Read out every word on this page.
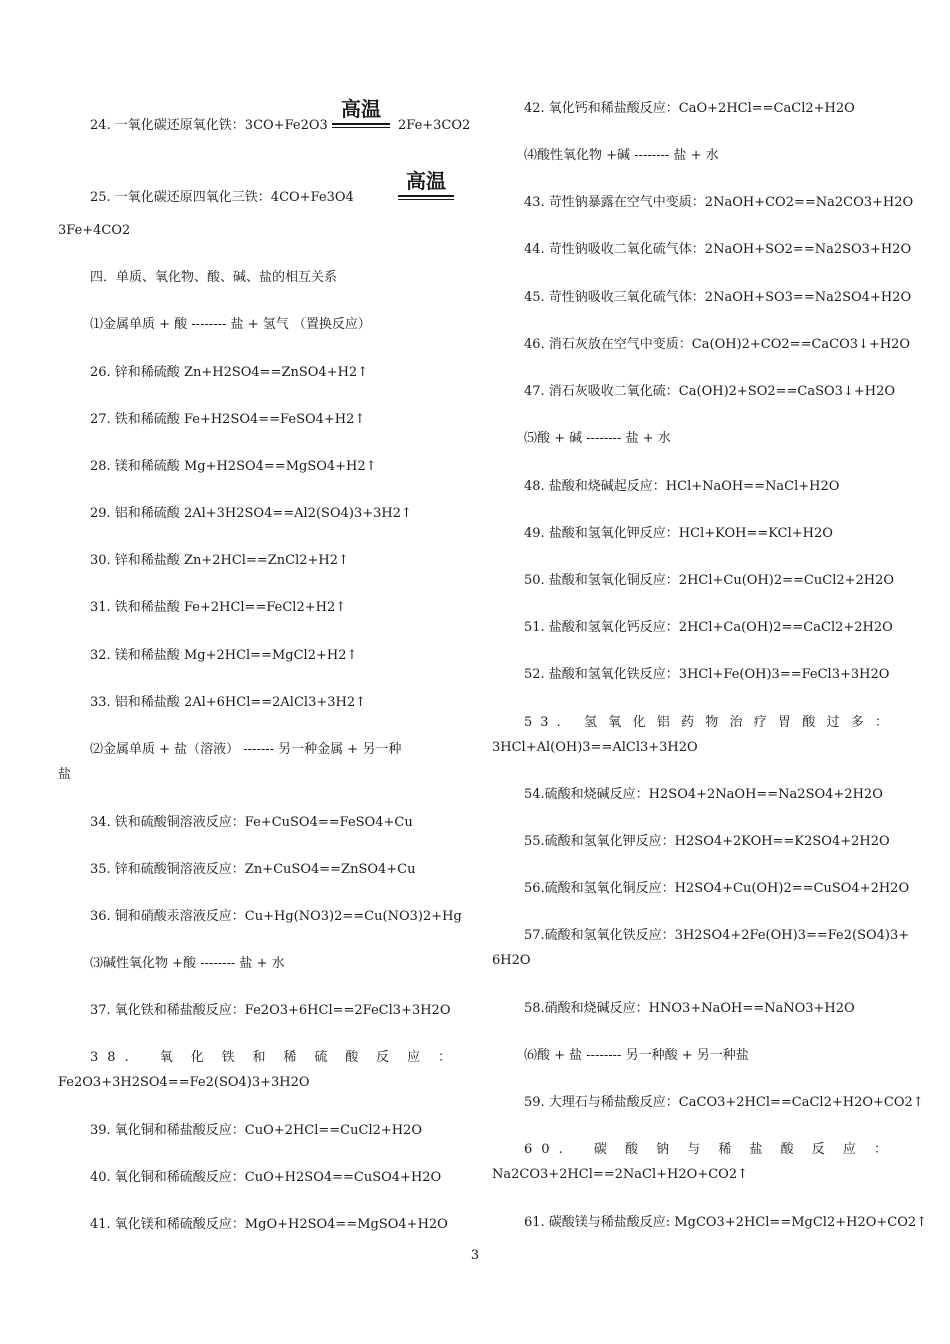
24. 一氧化碳还原氧化铁：3CO+Fe2O3
高温
2Fe+3CO2
25. 一氧化碳还原四氧化三铁：4CO+Fe3O4
高温
3Fe+4CO2
四．单质、氧化物、酸、碱、盐的相互关系
⑴金属单质 + 酸 -------- 盐 + 氢气 （置换反应）
26. 锌和稀硫酸 Zn+H2SO4==ZnSO4+H2↑
27. 铁和稀硫酸 Fe+H2SO4==FeSO4+H2↑
28. 镁和稀硫酸 Mg+H2SO4==MgSO4+H2↑
29. 铝和稀硫酸 2Al+3H2SO4==Al2(SO4)3+3H2↑
30. 锌和稀盐酸 Zn+2HCl==ZnCl2+H2↑
31. 铁和稀盐酸 Fe+2HCl==FeCl2+H2↑
32. 镁和稀盐酸 Mg+2HCl==MgCl2+H2↑
33. 铝和稀盐酸 2Al+6HCl==2AlCl3+3H2↑
⑵金属单质 + 盐（溶液） ------- 另一种金属 + 另一种
盐
34. 铁和硫酸铜溶液反应：Fe+CuSO4==FeSO4+Cu
35. 锌和硫酸铜溶液反应：Zn+CuSO4==ZnSO4+Cu
36. 铜和硝酸汞溶液反应：Cu+Hg(NO3)2==Cu(NO3)2+Hg
⑶碱性氧化物 +酸 -------- 盐 + 水
37. 氧化铁和稀盐酸反应：Fe2O3+6HCl==2FeCl3+3H2O
38. 氧化铁和稀硫酸反应：
Fe2O3+3H2SO4==Fe2(SO4)3+3H2O
39. 氧化铜和稀盐酸反应：CuO+2HCl==CuCl2+H2O
40. 氧化铜和稀硫酸反应：CuO+H2SO4==CuSO4+H2O
41. 氧化镁和稀硫酸反应：MgO+H2SO4==MgSO4+H2O
42. 氧化钙和稀盐酸反应：CaO+2HCl==CaCl2+H2O
⑷酸性氧化物 +碱 -------- 盐 + 水
43. 苛性钠暴露在空气中变质：2NaOH+CO2==Na2CO3+H2O
44. 苛性钠吸收二氧化硫气体：2NaOH+SO2==Na2SO3+H2O
45. 苛性钠吸收三氧化硫气体：2NaOH+SO3==Na2SO4+H2O
46. 消石灰放在空气中变质：Ca(OH)2+CO2==CaCO3↓+H2O
47. 消石灰吸收二氧化硫：Ca(OH)2+SO2==CaSO3↓+H2O
⑸酸 + 碱 -------- 盐 + 水
48. 盐酸和烧碱起反应：HCl+NaOH==NaCl+H2O
49. 盐酸和氢氧化钾反应：HCl+KOH==KCl+H2O
50. 盐酸和氢氧化铜反应：2HCl+Cu(OH)2==CuCl2+2H2O
51. 盐酸和氢氧化钙反应：2HCl+Ca(OH)2==CaCl2+2H2O
52. 盐酸和氢氧化铁反应：3HCl+Fe(OH)3==FeCl3+3H2O
53. 氢氧化铝药物治疗胃酸过多：
3HCl+Al(OH)3==AlCl3+3H2O
54.硫酸和烧碱反应：H2SO4+2NaOH==Na2SO4+2H2O
55.硫酸和氢氧化钾反应：H2SO4+2KOH==K2SO4+2H2O
56.硫酸和氢氧化铜反应：H2SO4+Cu(OH)2==CuSO4+2H2O
57.硫酸和氢氧化铁反应：3H2SO4+2Fe(OH)3==Fe2(SO4)3+
6H2O
58.硝酸和烧碱反应：HNO3+NaOH==NaNO3+H2O
⑹酸 + 盐 -------- 另一种酸 + 另一种盐
59. 大理石与稀盐酸反应：CaCO3+2HCl==CaCl2+H2O+CO2↑
60. 碳酸钠与稀盐酸反应：
Na2CO3+2HCl==2NaCl+H2O+CO2↑
61. 碳酸镁与稀盐酸反应: MgCO3+2HCl==MgCl2+H2O+CO2↑
3
